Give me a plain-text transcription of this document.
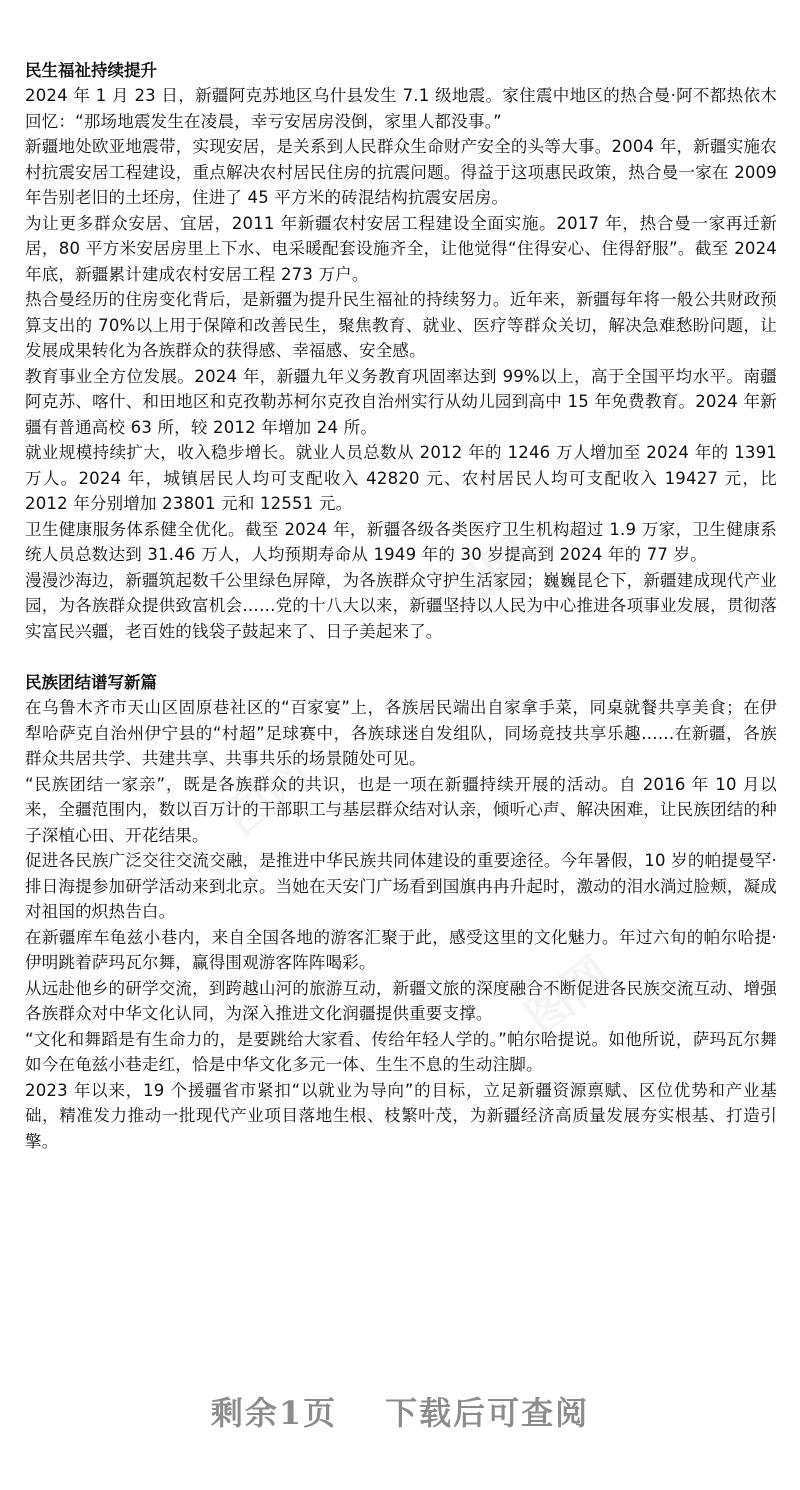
图网
图网
图网
民生福祉持续提升

2024 年 1 月 23 日，新疆阿克苏地区乌什县发生 7.1 级地震。家住震中地区的热合曼·阿不都热依木回忆：“那场地震发生在凌晨，幸亏安居房没倒，家里人都没事。”

新疆地处欧亚地震带，实现安居，是关系到人民群众生命财产安全的头等大事。2004 年，新疆实施农村抗震安居工程建设，重点解决农村居民住房的抗震问题。得益于这项惠民政策，热合曼一家在 2009 年告别老旧的土坯房，住进了 45 平方米的砖混结构抗震安居房。

为让更多群众安居、宜居，2011 年新疆农村安居工程建设全面实施。2017 年，热合曼一家再迁新居，80 平方米安居房里上下水、电采暖配套设施齐全，让他觉得“住得安心、住得舒服”。截至 2024 年底，新疆累计建成农村安居工程 273 万户。

热合曼经历的住房变化背后，是新疆为提升民生福祉的持续努力。近年来，新疆每年将一般公共财政预算支出的 70%以上用于保障和改善民生，聚焦教育、就业、医疗等群众关切，解决急难愁盼问题，让发展成果转化为各族群众的获得感、幸福感、安全感。

教育事业全方位发展。2024 年，新疆九年义务教育巩固率达到 99%以上，高于全国平均水平。南疆阿克苏、喀什、和田地区和克孜勒苏柯尔克孜自治州实行从幼儿园到高中 15 年免费教育。2024 年新疆有普通高校 63 所，较 2012 年增加 24 所。

就业规模持续扩大，收入稳步增长。就业人员总数从 2012 年的 1246 万人增加至 2024 年的 1391 万人。2024 年，城镇居民人均可支配收入 42820 元、农村居民人均可支配收入 19427 元，比 2012 年分别增加 23801 元和 12551 元。

卫生健康服务体系健全优化。截至 2024 年，新疆各级各类医疗卫生机构超过 1.9 万家，卫生健康系统人员总数达到 31.46 万人，人均预期寿命从 1949 年的 30 岁提高到 2024 年的 77 岁。

漫漫沙海边，新疆筑起数千公里绿色屏障，为各族群众守护生活家园；巍巍昆仑下，新疆建成现代产业园，为各族群众提供致富机会……党的十八大以来，新疆坚持以人民为中心推进各项事业发展，贯彻落实富民兴疆，老百姓的钱袋子鼓起来了、日子美起来了。

民族团结谱写新篇

在乌鲁木齐市天山区固原巷社区的“百家宴”上，各族居民端出自家拿手菜，同桌就餐共享美食；在伊犁哈萨克自治州伊宁县的“村超”足球赛中，各族球迷自发组队，同场竞技共享乐趣……在新疆，各族群众共居共学、共建共享、共事共乐的场景随处可见。

“民族团结一家亲”，既是各族群众的共识，也是一项在新疆持续开展的活动。自 2016 年 10 月以来，全疆范围内，数以百万计的干部职工与基层群众结对认亲，倾听心声、解决困难，让民族团结的种子深植心田、开花结果。

促进各民族广泛交往交流交融，是推进中华民族共同体建设的重要途径。今年暑假，10 岁的帕提曼罕·排日海提参加研学活动来到北京。当她在天安门广场看到国旗冉冉升起时，激动的泪水淌过脸颊，凝成对祖国的炽热告白。

在新疆库车龟兹小巷内，来自全国各地的游客汇聚于此，感受这里的文化魅力。年过六旬的帕尔哈提·伊明跳着萨玛瓦尔舞，赢得围观游客阵阵喝彩。

从远赴他乡的研学交流，到跨越山河的旅游互动，新疆文旅的深度融合不断促进各民族交流互动、增强各族群众对中华文化认同，为深入推进文化润疆提供重要支撑。

“文化和舞蹈是有生命力的，是要跳给大家看、传给年轻人学的。”帕尔哈提说。如他所说，萨玛瓦尔舞如今在龟兹小巷走红，恰是中华文化多元一体、生生不息的生动注脚。

2023 年以来，19 个援疆省市紧扣“以就业为导向”的目标，立足新疆资源禀赋、区位优势和产业基础，精准发力推动一批现代产业项目落地生根、枝繁叶茂，为新疆经济高质量发展夯实根基、打造引擎。

剩余1页 下载后可查阅
